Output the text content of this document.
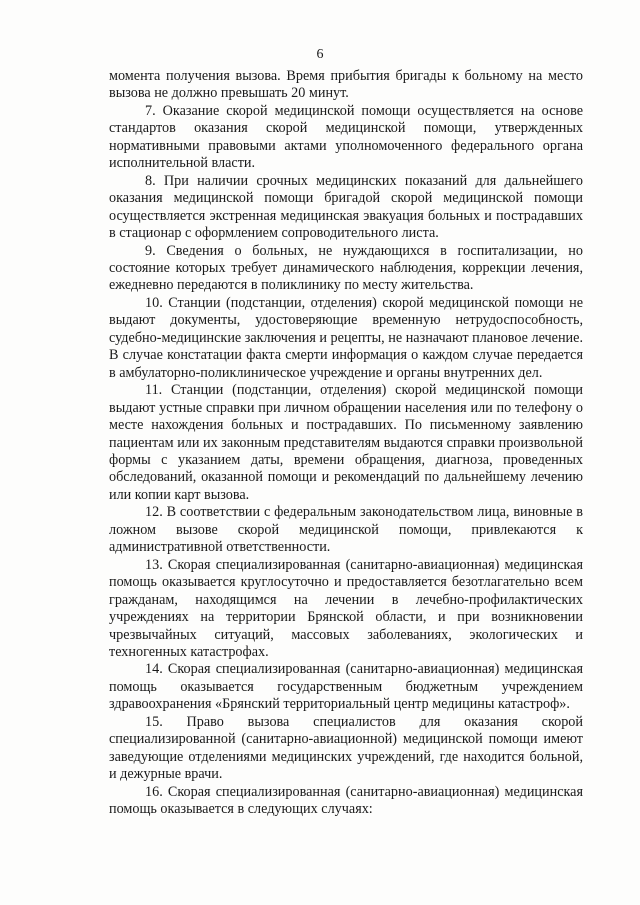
6

момента получения вызова. Время прибытия бригады к больному на место вызова не должно превышать 20 минут.

7. Оказание скорой медицинской помощи осуществляется на основе стандартов оказания скорой медицинской помощи, утвержденных нормативными правовыми актами уполномоченного федерального органа исполнительной власти.

8. При наличии срочных медицинских показаний для дальнейшего оказания медицинской помощи бригадой скорой медицинской помощи осуществляется экстренная медицинская эвакуация больных и пострадавших в стационар с оформлением сопроводительного листа.

9. Сведения о больных, не нуждающихся в госпитализации, но состояние которых требует динамического наблюдения, коррекции лечения, ежедневно передаются в поликлинику по месту жительства.

10. Станции (подстанции, отделения) скорой медицинской помощи не выдают документы, удостоверяющие временную нетрудоспособность, судебно-медицинские заключения и рецепты, не назначают плановое лечение. В случае констатации факта смерти информация о каждом случае передается в амбулаторно-поликлиническое учреждение и органы внутренних дел.

11. Станции (подстанции, отделения) скорой медицинской помощи выдают устные справки при личном обращении населения или по телефону о месте нахождения больных и пострадавших. По письменному заявлению пациентам или их законным представителям выдаются справки произвольной формы с указанием даты, времени обращения, диагноза, проведенных обследований, оказанной помощи и рекомендаций по дальнейшему лечению или копии карт вызова.

12. В соответствии с федеральным законодательством лица, виновные в ложном вызове скорой медицинской помощи, привлекаются к административной ответственности.

13. Скорая специализированная (санитарно-авиационная) медицинская помощь оказывается круглосуточно и предоставляется безотлагательно всем гражданам, находящимся на лечении в лечебно-профилактических учреждениях на территории Брянской области, и при возникновении чрезвычайных ситуаций, массовых заболеваниях, экологических и техногенных катастрофах.

14. Скорая специализированная (санитарно-авиационная) медицинская помощь оказывается государственным бюджетным учреждением здравоохранения «Брянский территориальный центр медицины катастроф».

15. Право вызова специалистов для оказания скорой специализированной (санитарно-авиационной) медицинской помощи имеют заведующие отделениями медицинских учреждений, где находится больной, и дежурные врачи.

16. Скорая специализированная (санитарно-авиационная) медицинская помощь оказывается в следующих случаях:
